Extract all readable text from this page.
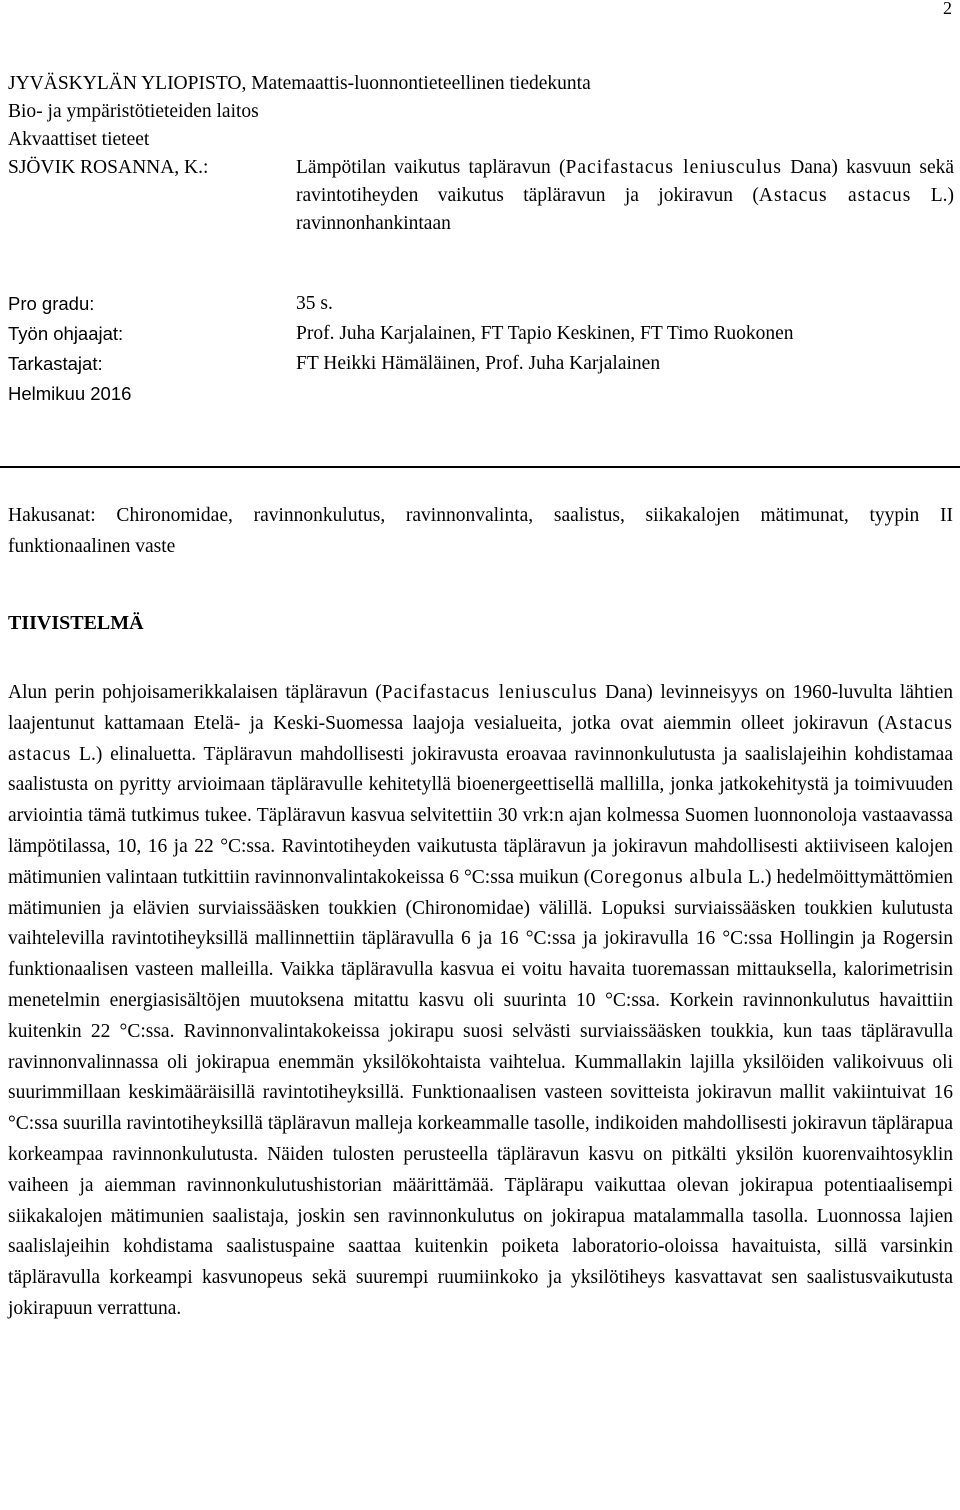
2
JYVÄSKYLÄN YLIOPISTO, Matemaattis-luonnontieteellinen tiedekunta
Bio- ja ympäristötieteiden laitos
Akvaattiset tieteet
SJÖVIK ROSANNA, K.:	Lämpötilan vaikutus tapläravun (Pacifastacus leniusculus Dana) kasvuun sekä ravintotiheyden vaikutus täpläravun ja jokiravun (Astacus astacus L.) ravinnonhankintaan
Pro gradu:	35 s.
Työn ohjaajat:	Prof. Juha Karjalainen, FT Tapio Keskinen, FT Timo Ruokonen
Tarkastajat:	FT Heikki Hämäläinen, Prof. Juha Karjalainen
Helmikuu 2016
Hakusanat: Chironomidae, ravinnonkulutus, ravinnonvalinta, saalistus, siikakalojen mätimunat, tyypin II funktionaalinen vaste
TIIVISTELMÄ
Alun perin pohjoisamerikkalaisen täpläravun (Pacifastacus leniusculus Dana) levinneisyys on 1960-luvulta lähtien laajentunut kattamaan Etelä- ja Keski-Suomessa laajoja vesialueita, jotka ovat aiemmin olleet jokiravun (Astacus astacus L.) elinaluetta. Täpläravun mahdollisesti jokiravusta eroavaa ravinnonkulutusta ja saalislajeihin kohdistamaa saalistusta on pyritty arvioimaan täpläravulle kehitetyllä bioenergeettisellä mallilla, jonka jatkokehitystä ja toimivuuden arviointia tämä tutkimus tukee. Täpläravun kasvua selvitettiin 30 vrk:n ajan kolmessa Suomen luonnonoloja vastaavassa lämpötilassa, 10, 16 ja 22 °C:ssa. Ravintotiheyden vaikutusta täpläravun ja jokiravun mahdollisesti aktiiviseen kalojen mätimunien valintaan tutkittiin ravinnonvalintakokeissa 6 °C:ssa muikun (Coregonus albula L.) hedelmöittymättömien mätimunien ja elävien surviaissääsken toukkien (Chironomidae) välillä. Lopuksi surviaissääsken toukkien kulutusta vaihtelevilla ravintotiheyksillä mallinnettiin täpläravulla 6 ja 16 °C:ssa ja jokiravulla 16 °C:ssa Hollingin ja Rogersin funktionaalisen vasteen malleilla. Vaikka täpläravulla kasvua ei voitu havaita tuoremassan mittauksella, kalorimetrisin menetelmin energiasisältöjen muutoksena mitattu kasvu oli suurinta 10 °C:ssa. Korkein ravinnonkulutus havaittiin kuitenkin 22 °C:ssa. Ravinnonvalintakokeissa jokirapu suosi selvästi surviaissääsken toukkia, kun taas täpläravulla ravinnonvalinnassa oli jokirapua enemmän yksilökohtaista vaihtelua. Kummallakin lajilla yksilöiden valikoivuus oli suurimmillaan keskimääräisillä ravintotiheyksillä. Funktionaalisen vasteen sovitteista jokiravun mallit vakiintuivat 16 °C:ssa suurilla ravintotiheyksillä täpläravun malleja korkeammalle tasolle, indikoiden mahdollisesti jokiravun täplärapua korkeampaa ravinnonkulutusta. Näiden tulosten perusteella täpläravun kasvu on pitkälti yksilön kuorenvaihtosyklin vaiheen ja aiemman ravinnonkulutushistorian määrittämää. Täplärapu vaikuttaa olevan jokirapua potentiaalisempi siikakalojen mätimunien saalistaja, joskin sen ravinnonkulutus on jokirapua matalammalla tasolla. Luonnossa lajien saalislajeihin kohdistama saalistuspaine saattaa kuitenkin poiketa laboratorio-oloissa havaituista, sillä varsinkin täpläravulla korkeampi kasvunopeus sekä suurempi ruumiinkoko ja yksilötiheys kasvattavat sen saalistusvaikutusta jokirapuun verrattuna.
